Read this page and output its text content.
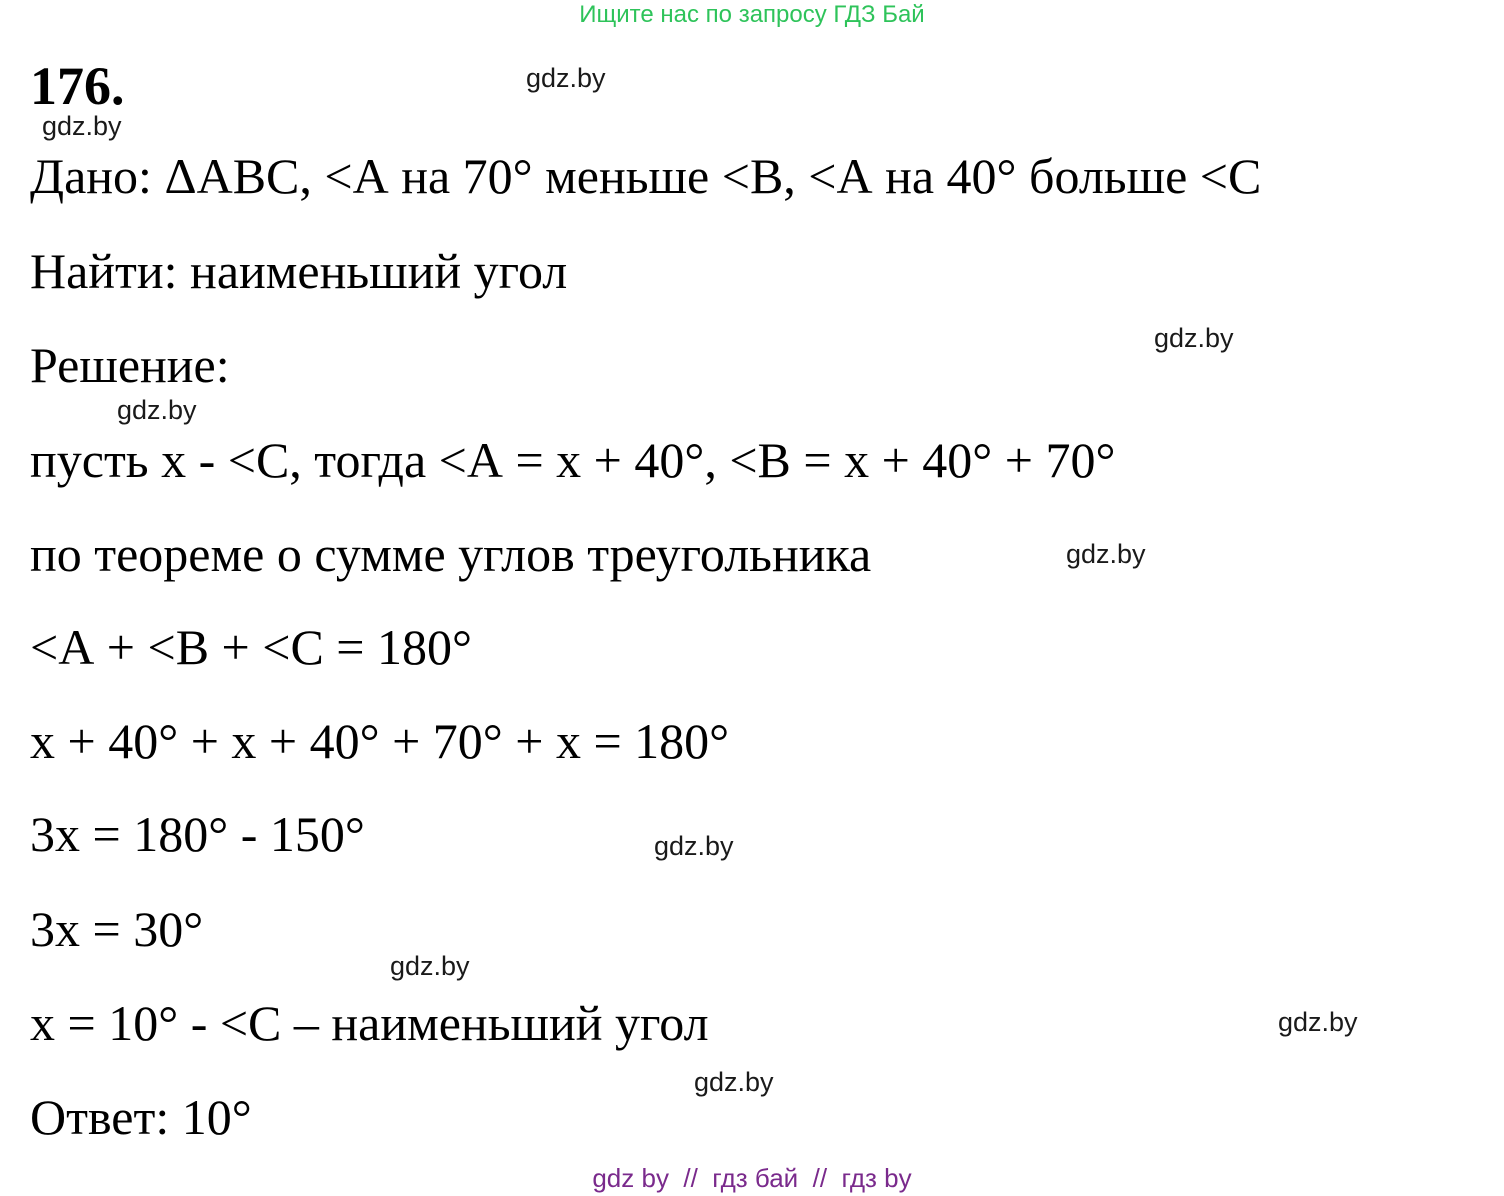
Ищите нас по запросу ГДЗ Бай
176.
Дано: ΔАВС, <А на 70° меньше <В, <А на 40° больше <С
Найти: наименьший угол
Решение:
пусть x - <С, тогда <А = x + 40°, <В = x + 40° + 70°
по теореме о сумме углов треугольника
<А + <В + <С = 180°
x + 40° + x + 40° + 70° + x = 180°
3x = 180° - 150°
3x = 30°
x = 10° - <С – наименьший угол
Ответ: 10°
gdz.by
gdz.by
gdz.by
gdz.by
gdz.by
gdz.by
gdz.by
gdz.by
gdz.by
gdz by  //  гдз бай  //  гдз by
